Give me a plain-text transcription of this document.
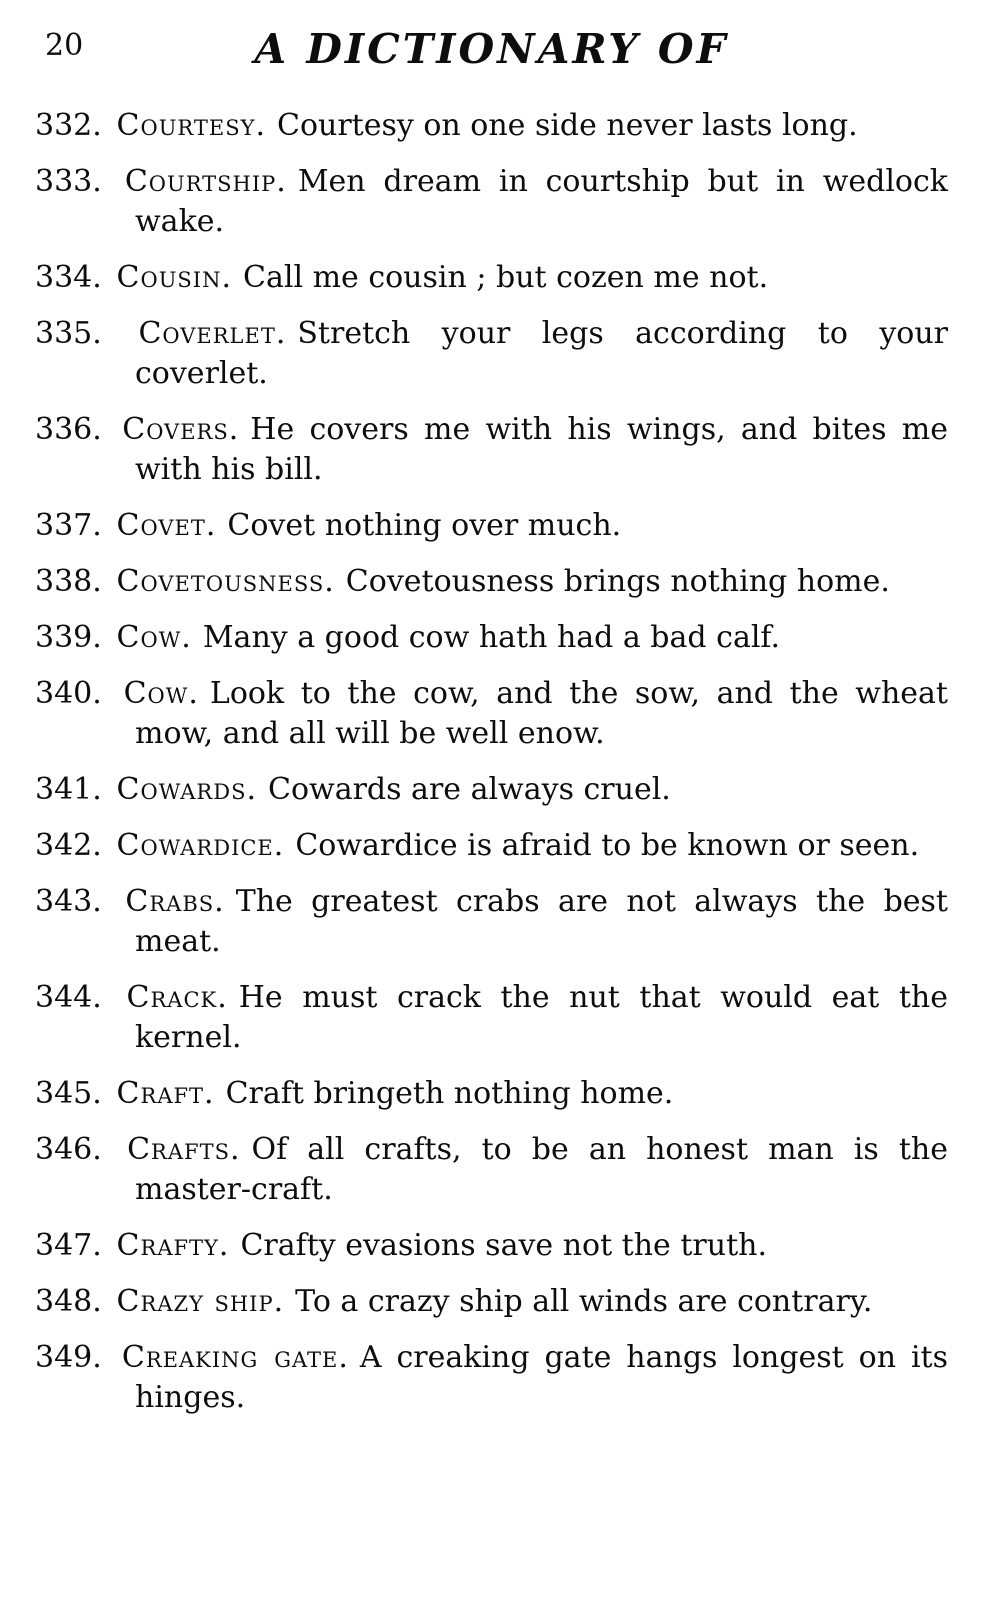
20	A DICTIONARY OF

332. Courtesy. Courtesy on one side never lasts long.

333. Courtship. Men dream in courtship but in wedlock wake.

334. Cousin. Call me cousin ; but cozen me not.

335. Coverlet. Stretch your legs according to your coverlet.

336. Covers. He covers me with his wings, and bites me with his bill.

337. Covet. Covet nothing over much.

338. Covetousness. Covetousness brings nothing home.

339. Cow. Many a good cow hath had a bad calf.

340. Cow. Look to the cow, and the sow, and the wheat mow, and all will be well enow.

341. Cowards. Cowards are always cruel.

342. Cowardice. Cowardice is afraid to be known or seen.

343. Crabs. The greatest crabs are not always the best meat.

344. Crack. He must crack the nut that would eat the kernel.

345. Craft. Craft bringeth nothing home.

346. Crafts. Of all crafts, to be an honest man is the master-craft.

347. Crafty. Crafty evasions save not the truth.

348. Crazy ship. To a crazy ship all winds are contrary.

349. Creaking gate. A creaking gate hangs longest on its hinges.
